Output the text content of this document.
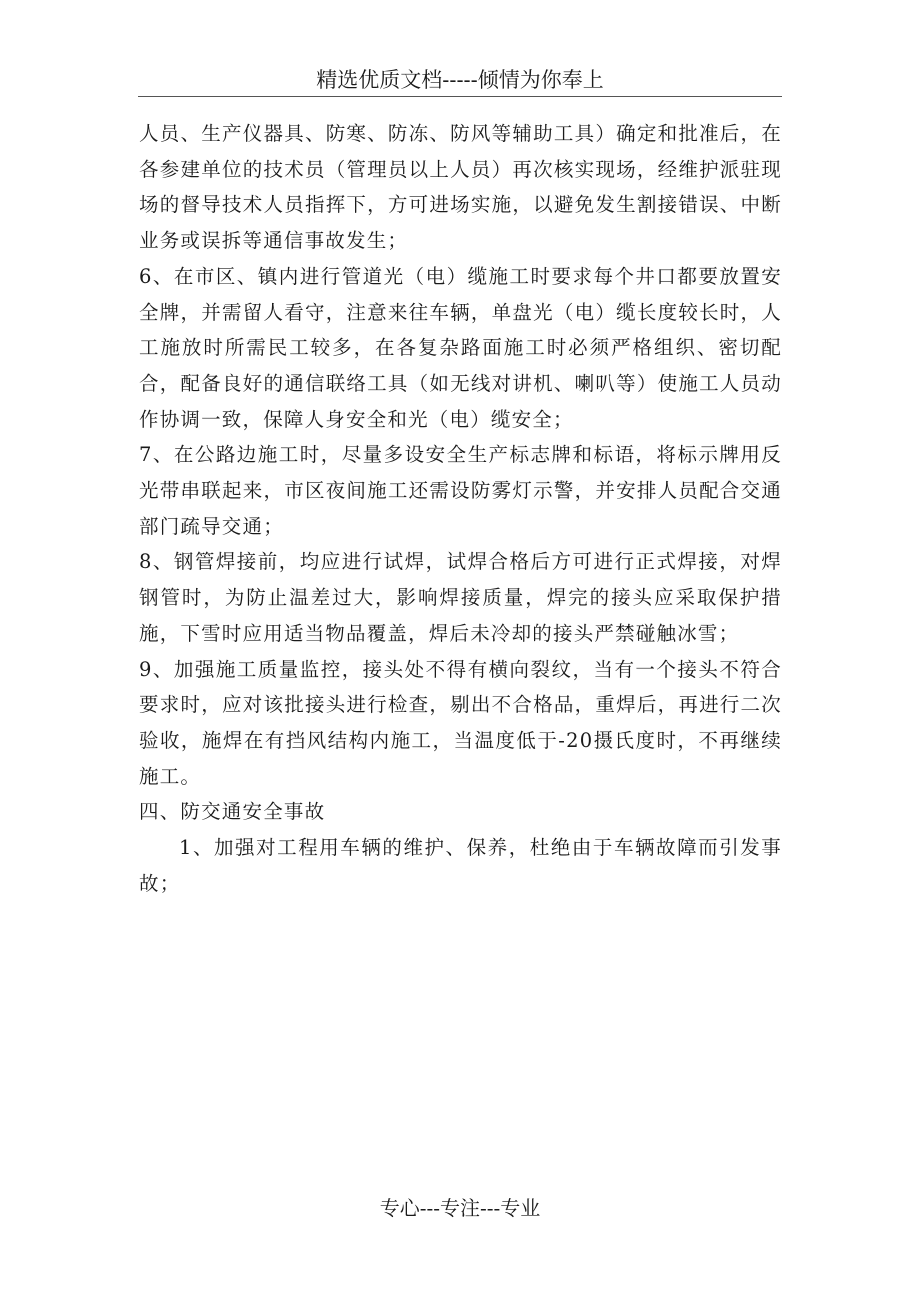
精选优质文档-----倾情为你奉上

人员、生产仪器具、防寒、防冻、防风等辅助工具）确定和批准后，在各参建单位的技术员（管理员以上人员）再次核实现场，经维护派驻现场的督导技术人员指挥下，方可进场实施，以避免发生割接错误、中断业务或误拆等通信事故发生；

6、在市区、镇内进行管道光（电）缆施工时要求每个井口都要放置安全牌，并需留人看守，注意来往车辆，单盘光（电）缆长度较长时，人工施放时所需民工较多，在各复杂路面施工时必须严格组织、密切配合，配备良好的通信联络工具（如无线对讲机、喇叭等）使施工人员动作协调一致，保障人身安全和光（电）缆安全；

7、在公路边施工时，尽量多设安全生产标志牌和标语，将标示牌用反光带串联起来，市区夜间施工还需设防雾灯示警，并安排人员配合交通部门疏导交通；

8、钢管焊接前，均应进行试焊，试焊合格后方可进行正式焊接，对焊钢管时，为防止温差过大，影响焊接质量，焊完的接头应采取保护措施，下雪时应用适当物品覆盖，焊后未冷却的接头严禁碰触冰雪；

9、加强施工质量监控，接头处不得有横向裂纹，当有一个接头不符合要求时，应对该批接头进行检查，剔出不合格品，重焊后，再进行二次验收，施焊在有挡风结构内施工，当温度低于-20摄氏度时，不再继续施工。

四、防交通安全事故

1、加强对工程用车辆的维护、保养，杜绝由于车辆故障而引发事故；

专心---专注---专业
